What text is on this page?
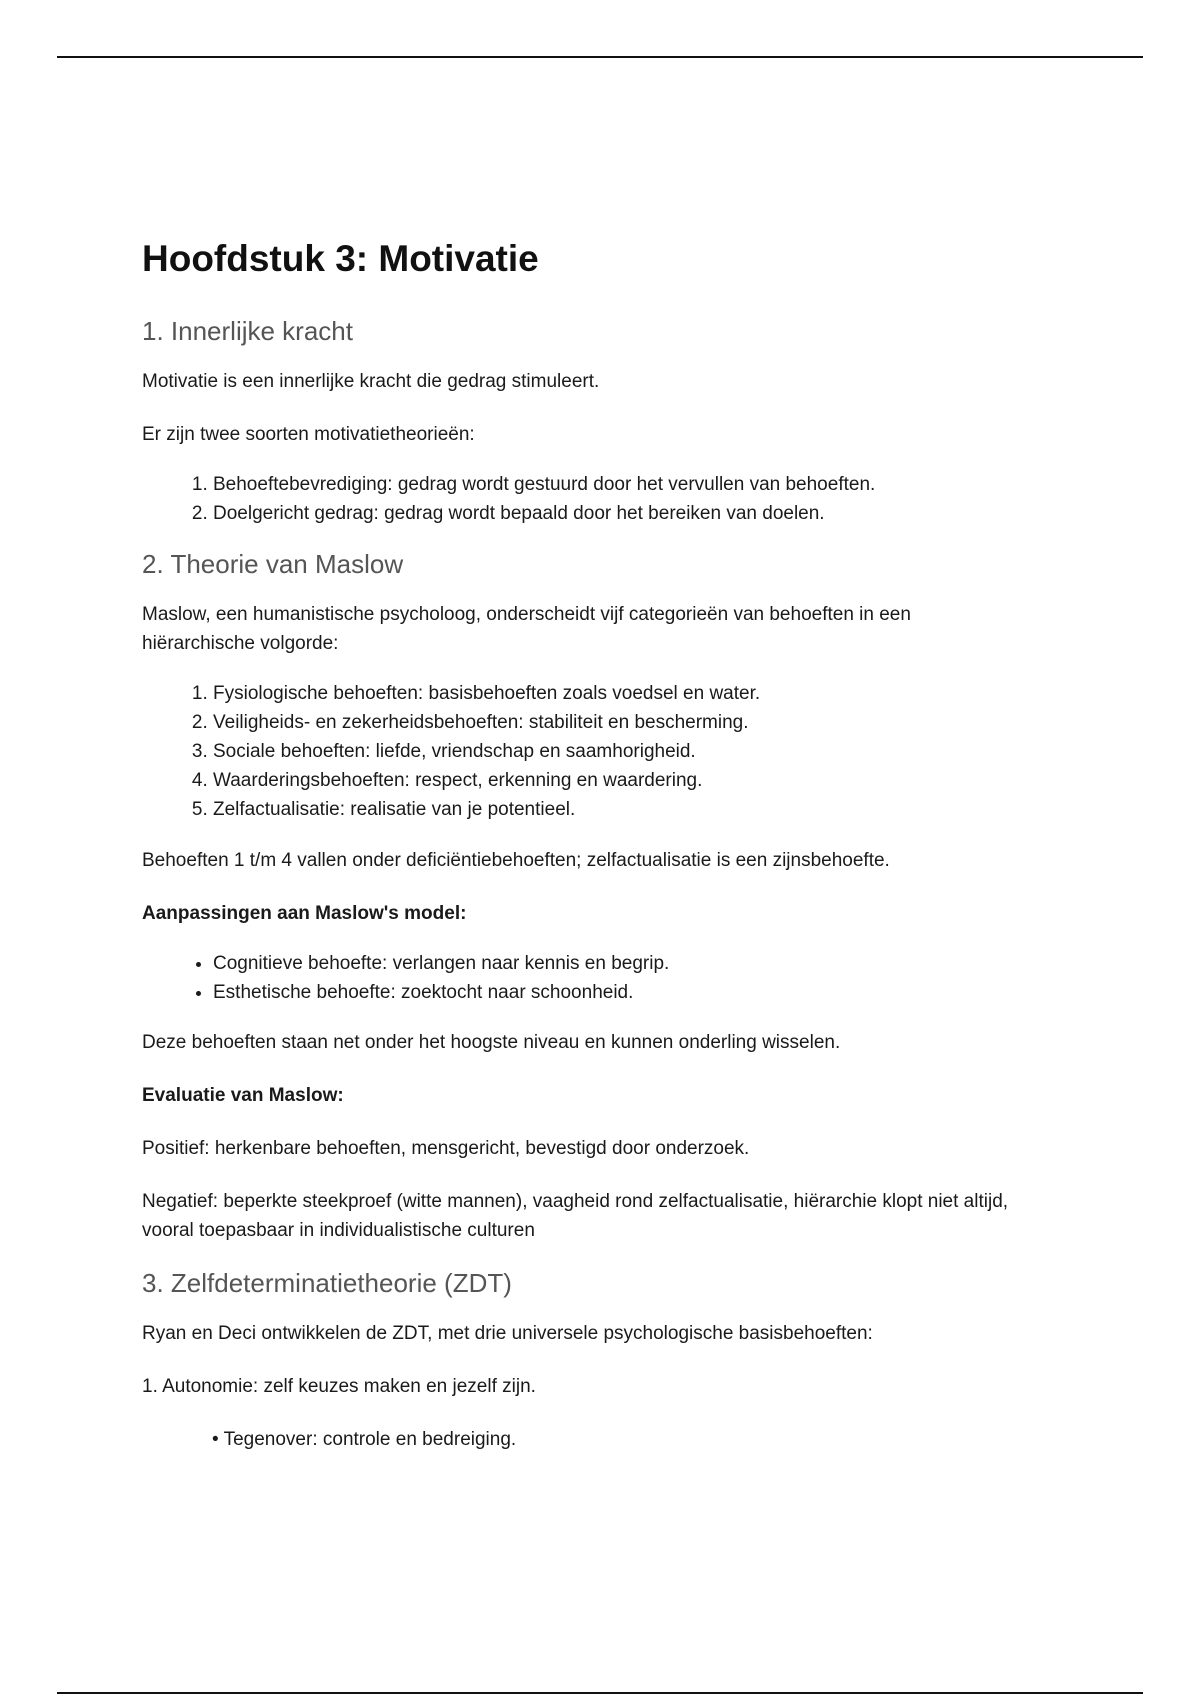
Hoofdstuk 3: Motivatie
1. Innerlijke kracht

Motivatie is een innerlijke kracht die gedrag stimuleert.

Er zijn twee soorten motivatietheorieën:

1. Behoeftebevrediging: gedrag wordt gestuurd door het vervullen van behoeften.
2. Doelgericht gedrag: gedrag wordt bepaald door het bereiken van doelen.
2. Theorie van Maslow

Maslow, een humanistische psycholoog, onderscheidt vijf categorieën van behoeften in een hiërarchische volgorde:

1. Fysiologische behoeften: basisbehoeften zoals voedsel en water.
2. Veiligheids- en zekerheidsbehoeften: stabiliteit en bescherming.
3. Sociale behoeften: liefde, vriendschap en saamhorigheid.
4. Waarderingsbehoeften: respect, erkenning en waardering.
5. Zelfactualisatie: realisatie van je potentieel.

Behoeften 1 t/m 4 vallen onder deficiëntiebehoeften; zelfactualisatie is een zijnsbehoefte.

Aanpassingen aan Maslow's model:

• Cognitieve behoefte: verlangen naar kennis en begrip.
• Esthetische behoefte: zoektocht naar schoonheid.

Deze behoeften staan net onder het hoogste niveau en kunnen onderling wisselen.

Evaluatie van Maslow:

Positief: herkenbare behoeften, mensgericht, bevestigd door onderzoek.

Negatief: beperkte steekproef (witte mannen), vaagheid rond zelfactualisatie, hiërarchie klopt niet altijd, vooral toepasbaar in individualistische culturen

3. Zelfdeterminatietheorie (ZDT)

Ryan en Deci ontwikkelen de ZDT, met drie universele psychologische basisbehoeften:

1. Autonomie: zelf keuzes maken en jezelf zijn.

• Tegenover: controle en bedreiging.
